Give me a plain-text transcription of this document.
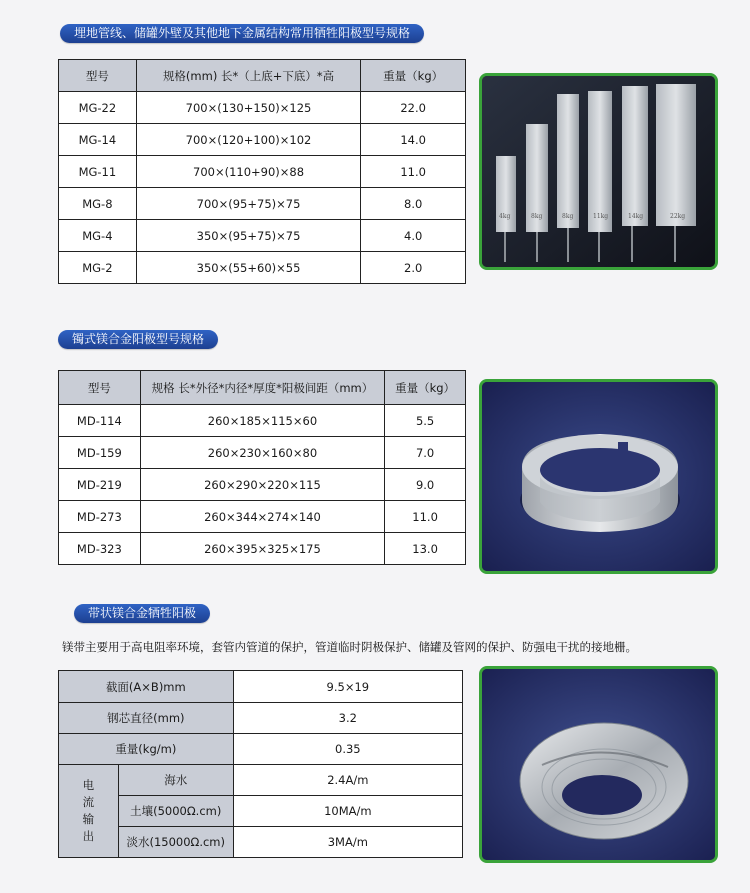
埋地管线、储罐外壁及其他地下金属结构常用牺牲阳极型号规格
型号	规格(mm) 长*（上底+下底）*高	重量（kg）
MG-22	700×(130+150)×125	22.0
MG-14	700×(120+100)×102	14.0
MG-11	700×(110+90)×88	11.0
MG-8	700×(95+75)×75	8.0
MG-4	350×(95+75)×75	4.0
MG-2	350×(55+60)×55	2.0
4kg	8kg	8kg	11kg	14kg	22kg
镯式镁合金阳极型号规格
型号	规格 长*外径*内径*厚度*阳极间距（mm）	重量（kg）
MD-114	260×185×115×60	5.5
MD-159	260×230×160×80	7.0
MD-219	260×290×220×115	9.0
MD-273	260×344×274×140	11.0
MD-323	260×395×325×175	13.0
带状镁合金牺牲阳极
镁带主要用于高电阻率环境，套管内管道的保护，管道临时阴极保护、储罐及管网的保护、防强电干扰的接地栅。
截面(A×B)mm		9.5×19
钢芯直径(mm)		3.2
重量(kg/m)		0.35

电流输出	海水	2.4A/m
	土壤(5000Ω.cm)	10MA/m
	淡水(15000Ω.cm)	3MA/m
